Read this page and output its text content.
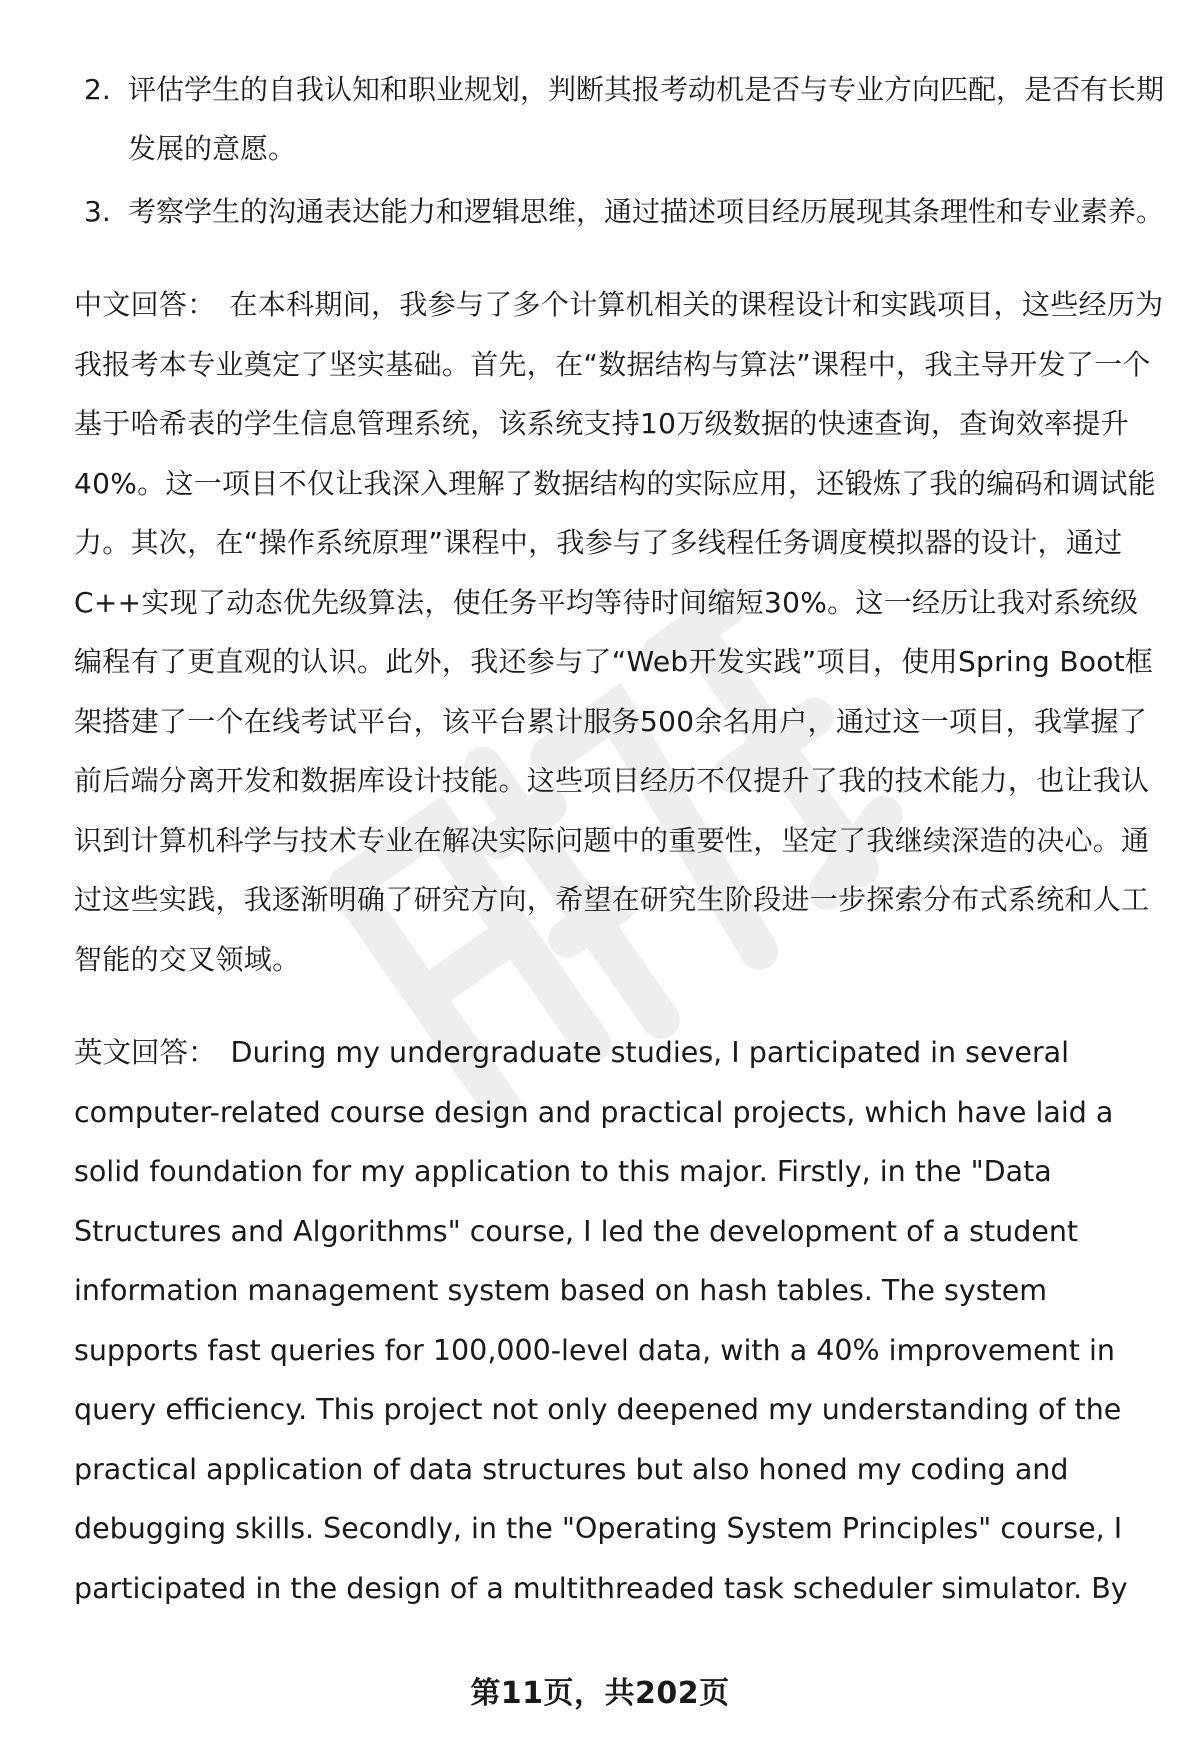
2. 评估学生的自我认知和职业规划，判断其报考动机是否与专业方向匹配，是否有长期发展的意愿。
3. 考察学生的沟通表达能力和逻辑思维，通过描述项目经历展现其条理性和专业素养。

中文回答： 在本科期间，我参与了多个计算机相关的课程设计和实践项目，这些经历为我报考本专业奠定了坚实基础。首先，在“数据结构与算法”课程中，我主导开发了一个基于哈希表的学生信息管理系统，该系统支持10万级数据的快速查询，查询效率提升40%。这一项目不仅让我深入理解了数据结构的实际应用，还锻炼了我的编码和调试能力。其次，在“操作系统原理”课程中，我参与了多线程任务调度模拟器的设计，通过C++实现了动态优先级算法，使任务平均等待时间缩短30%。这一经历让我对系统级编程有了更直观的认识。此外，我还参与了“Web开发实践”项目，使用Spring Boot框架搭建了一个在线考试平台，该平台累计服务500余名用户，通过这一项目，我掌握了前后端分离开发和数据库设计技能。这些项目经历不仅提升了我的技术能力，也让我认识到计算机科学与技术专业在解决实际问题中的重要性，坚定了我继续深造的决心。通过这些实践，我逐渐明确了研究方向，希望在研究生阶段进一步探索分布式系统和人工智能的交叉领域。

英文回答： During my undergraduate studies, I participated in several computer-related course design and practical projects, which have laid a solid foundation for my application to this major. Firstly, in the "Data Structures and Algorithms" course, I led the development of a student information management system based on hash tables. The system supports fast queries for 100,000-level data, with a 40% improvement in query efficiency. This project not only deepened my understanding of the practical application of data structures but also honed my coding and debugging skills. Secondly, in the "Operating System Principles" course, I participated in the design of a multithreaded task scheduler simulator. By

第11页，共202页
